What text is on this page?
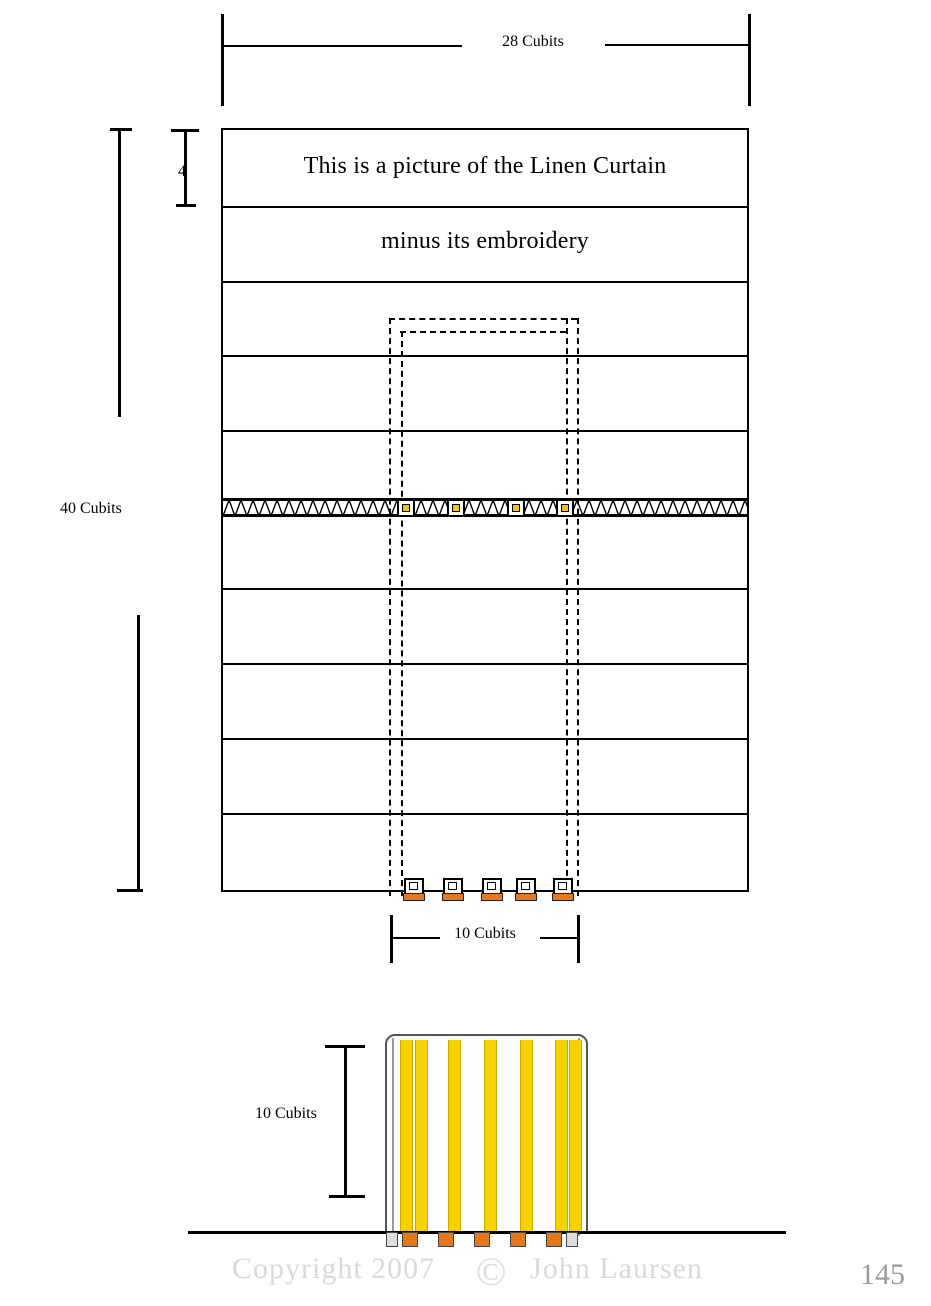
28 Cubits
40 Cubits
4	This is a picture of the Linen Curtain
minus its embroidery
10 Cubits
10 Cubits
Copyright 2007	John Laursen
©	145
